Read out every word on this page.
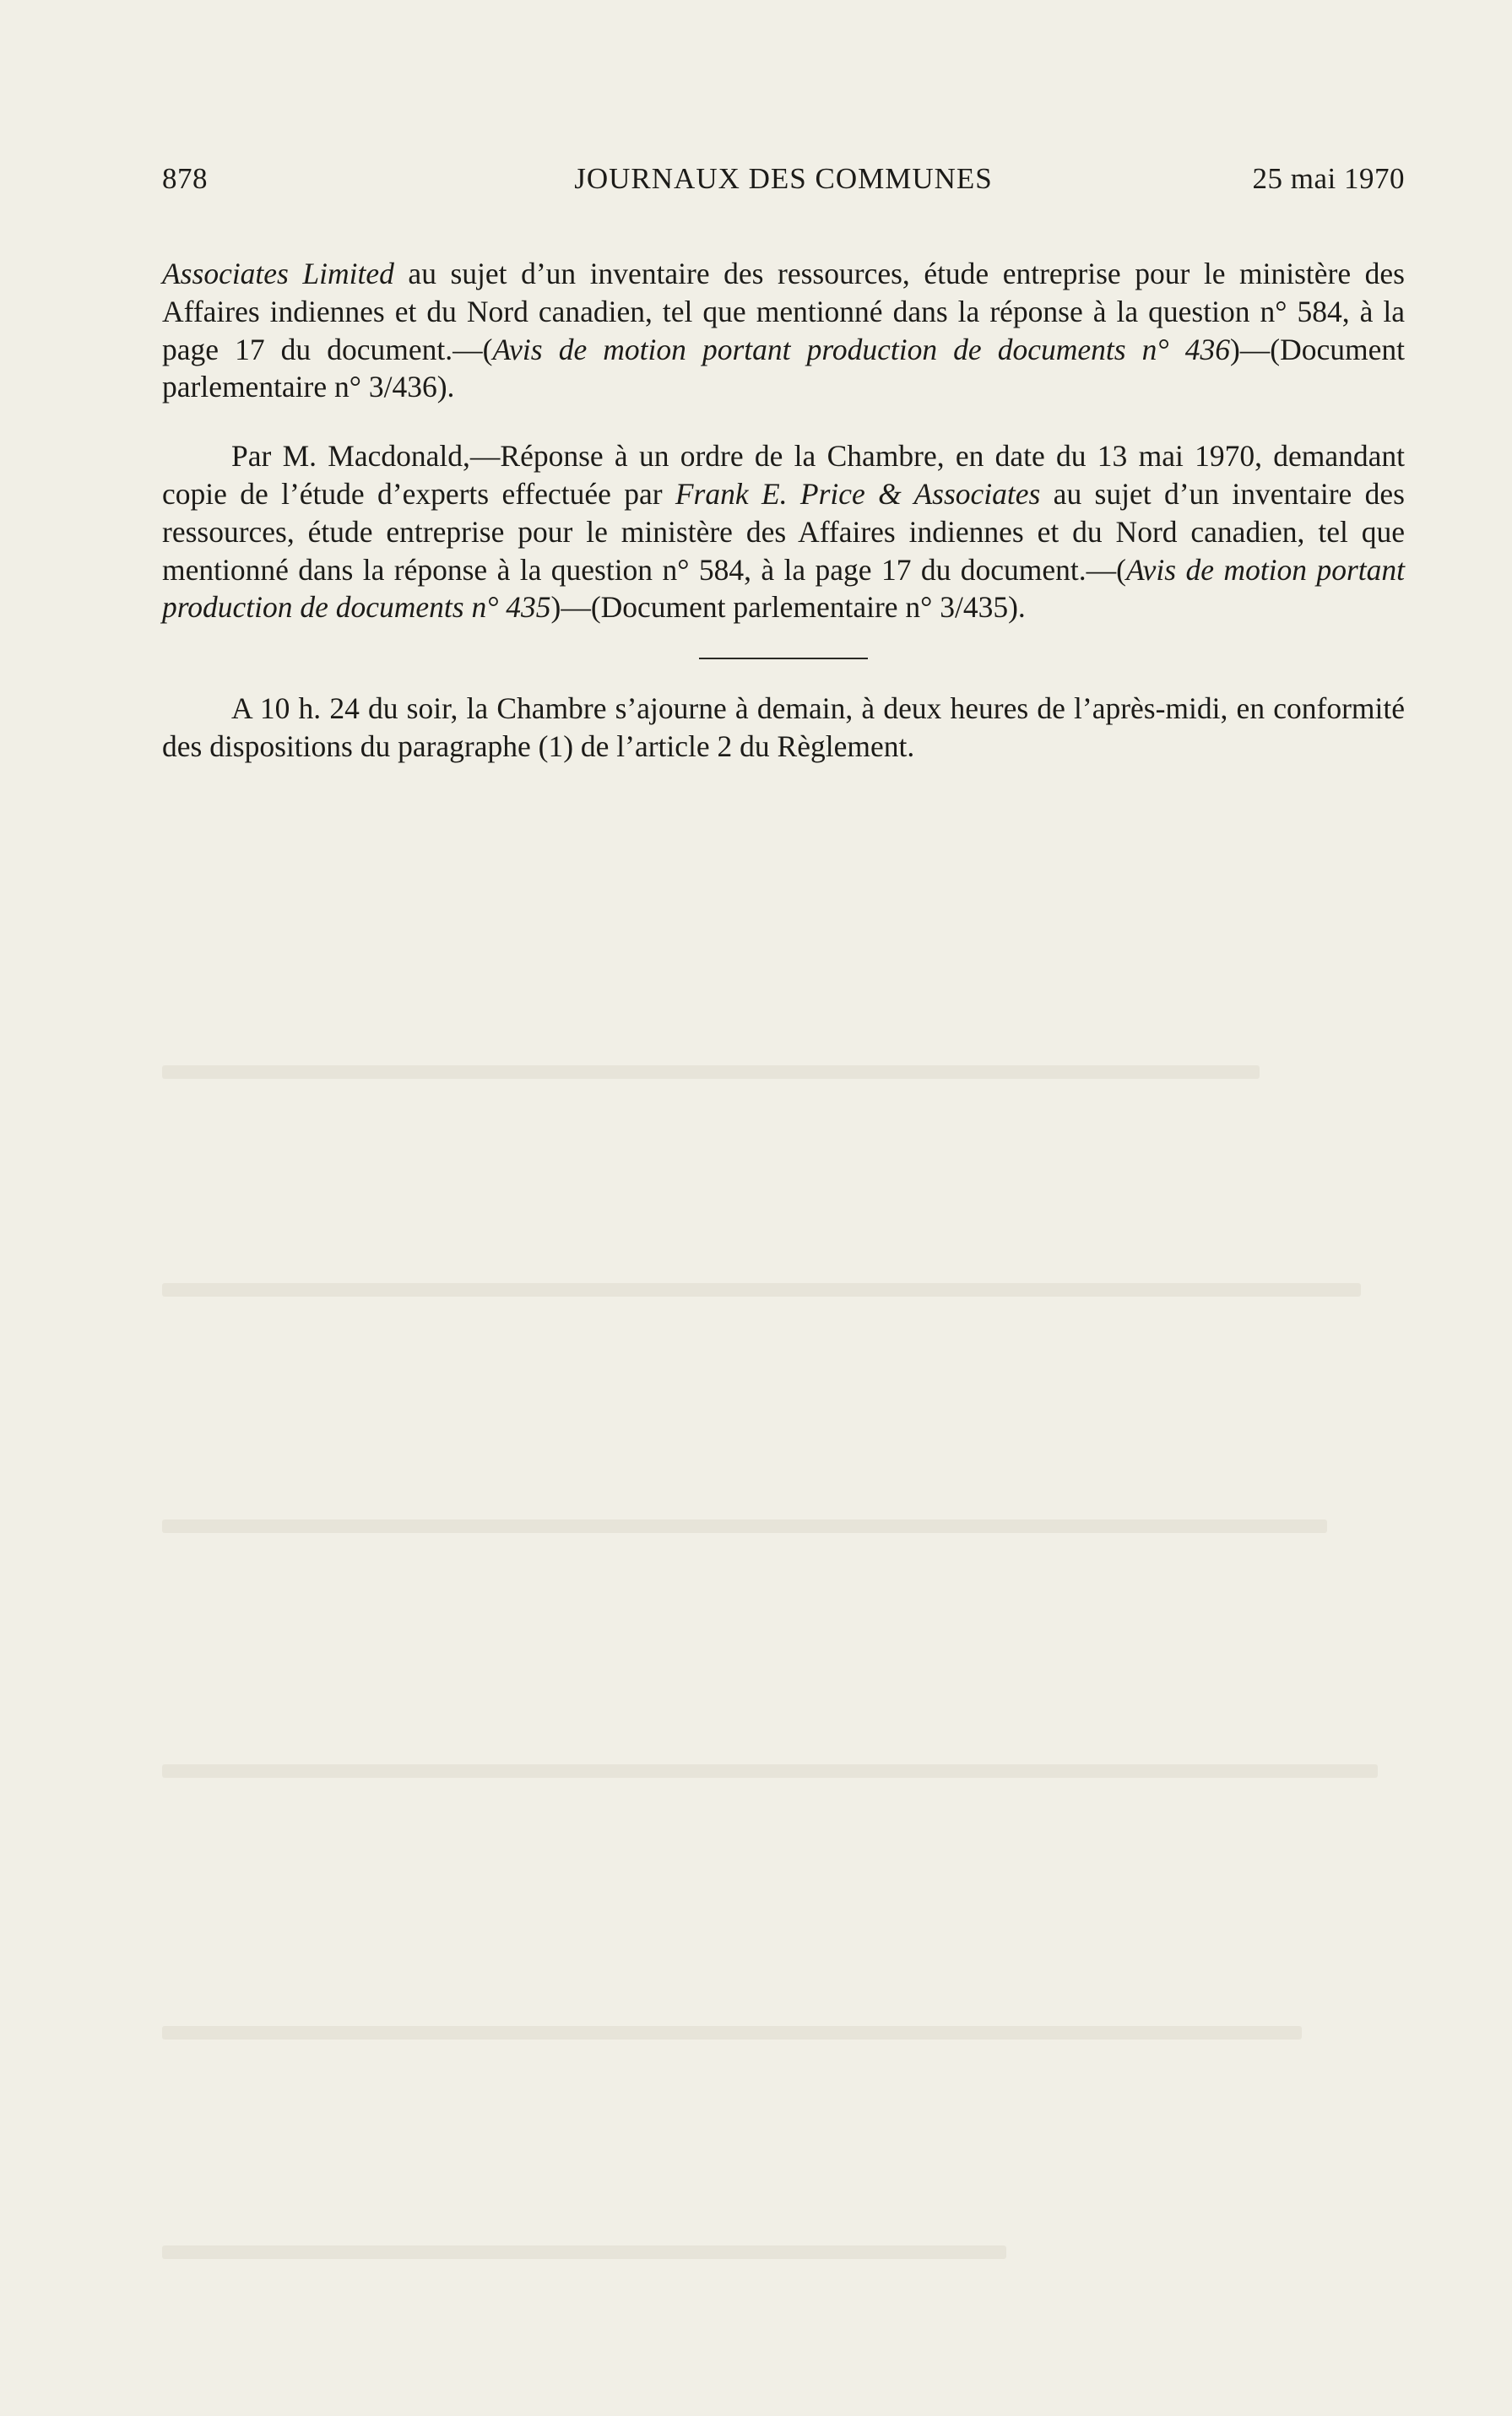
878	JOURNAUX DES COMMUNES	25 mai 1970

Associates Limited au sujet d’un inventaire des ressources, étude entreprise pour le ministère des Affaires indiennes et du Nord canadien, tel que mentionné dans la réponse à la question n° 584, à la page 17 du document.—(Avis de motion portant production de documents n° 436)—(Document parlementaire n° 3/436).

Par M. Macdonald,—Réponse à un ordre de la Chambre, en date du 13 mai 1970, demandant copie de l’étude d’experts effectuée par Frank E. Price & Associates au sujet d’un inventaire des ressources, étude entreprise pour le ministère des Affaires indiennes et du Nord canadien, tel que mentionné dans la réponse à la question n° 584, à la page 17 du document.—(Avis de motion portant production de documents n° 435)—(Document parlementaire n° 3/435).

A 10 h. 24 du soir, la Chambre s’ajourne à demain, à deux heures de l’après-midi, en conformité des dispositions du paragraphe (1) de l’article 2 du Règlement.
